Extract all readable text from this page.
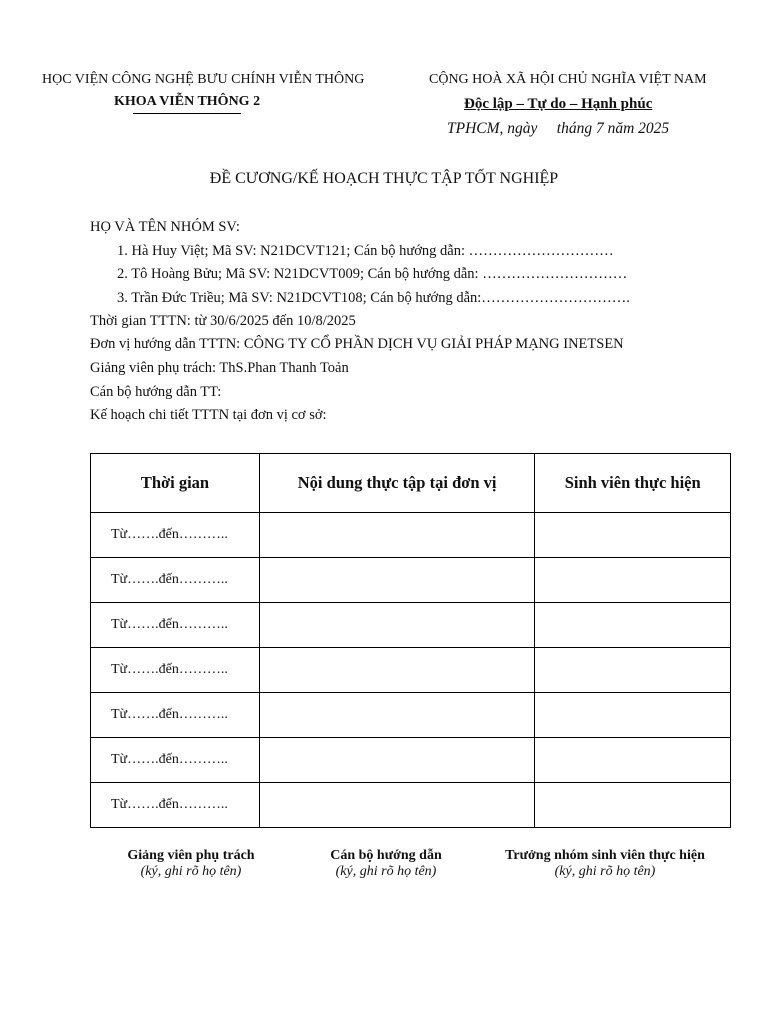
HỌC VIỆN CÔNG NGHỆ BƯU CHÍNH VIỄN THÔNG
KHOA VIỄN THÔNG 2
CỘNG HOÀ XÃ HỘI CHỦ NGHĨA VIỆT NAM
Độc lập – Tự do – Hạnh phúc
TPHCM, ngày     tháng 7 năm 2025
ĐỀ CƯƠNG/KẾ HOẠCH THỰC TẬP TỐT NGHIỆP
HỌ VÀ TÊN NHÓM SV:
1. Hà Huy Việt; Mã SV: N21DCVT121; Cán bộ hướng dẫn: …………………………
2. Tô Hoàng Bửu; Mã SV: N21DCVT009; Cán bộ hướng dẫn: …………………………
3. Trần Đức Triều; Mã SV: N21DCVT108; Cán bộ hướng dẫn:………………………….
Thời gian TTTN: từ 30/6/2025 đến 10/8/2025
Đơn vị hướng dẫn TTTN: CÔNG TY CỔ PHẦN DỊCH VỤ GIẢI PHÁP MẠNG INETSEN
Giảng viên phụ trách: ThS.Phan Thanh Toản
Cán bộ hướng dẫn TT:
Kế hoạch chi tiết TTTN tại đơn vị cơ sở:
Thời gian	Nội dung thực tập tại đơn vị	Sinh viên thực hiện
Từ…….đến………..		
Từ…….đến………..		
Từ…….đến………..		
Từ…….đến………..		
Từ…….đến………..		
Từ…….đến………..		
Từ…….đến………..		
Giảng viên phụ trách
(ký, ghi rõ họ tên)
Cán bộ hướng dẫn
(ký, ghi rõ họ tên)
Trưởng nhóm sinh viên thực hiện
(ký, ghi rõ họ tên)
